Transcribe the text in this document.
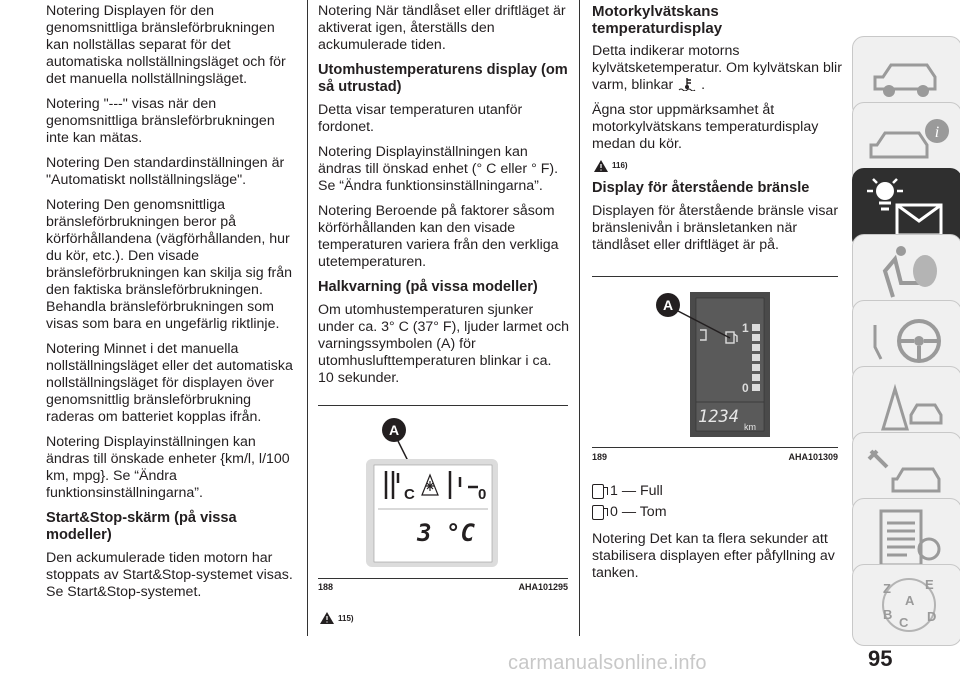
Notering Displayen för den genomsnittliga bränsleförbrukningen kan nollställas separat för det automatiska nollställningsläget och för det manuella nollställningsläget.

Notering "---" visas när den genomsnittliga bränsleförbrukningen inte kan mätas.

Notering Den standardinställningen är "Automatiskt nollställningsläge".

Notering Den genomsnittliga bränsleförbrukningen beror på körförhållandena (vägförhållanden, hur du kör, etc.). Den visade bränsleförbrukningen kan skilja sig från den faktiska bränsleförbrukningen. Behandla bränsleförbrukningen som visas som bara en ungefärlig riktlinje.

Notering Minnet i det manuella nollställningsläget eller det automatiska nollställningsläget för displayen över genomsnittlig bränsleförbrukning raderas om batteriet kopplas ifrån.

Notering Displayinställningen kan ändras till önskade enheter {km/l, l/100 km, mpg}. Se “Ändra funktionsinställningarna”.

Start&Stop-skärm (på vissa modeller)

Den ackumulerade tiden motorn har stoppats av Start&Stop-systemet visas. Se Start&Stop-systemet.

Notering När tändlåset eller driftläget är aktiverat igen, återställs den ackumulerade tiden.

Utomhustemperaturens display (om så utrustad)

Detta visar temperaturen utanför fordonet.

Notering Displayinställningen kan ändras till önskad enhet (° C eller ° F). Se “Ändra funktionsinställningarna”.

Notering Beroende på faktorer såsom körförhållanden kan den visade temperaturen variera från den verkliga utetemperaturen.

Halkvarning (på vissa modeller)

Om utomhustemperaturen sjunker under ca. 3° C (37° F), ljuder larmet och varningssymbolen (A) för utomhuslufttemperaturen blinkar i ca. 10 sekunder.

A
C	0
3 °C
188	AHA101295
115)
Motorkylvätskans temperaturdisplay

Detta indikerar motorns kylvätsketemperatur. Om kylvätskan blir varm, blinkar .

Ägna stor uppmärksamhet åt motorkylvätskans temperaturdisplay medan du kör.

116)
Display för återstående bränsle

Displayen för återstående bränsle visar bränslenivån i bränsletanken när tändlåset eller driftläget är på.

1
0
1234 km
A
189	AHA101309
1 — Full
0 — Tom

Notering Det kan ta flera sekunder att stabilisera displayen efter påfyllning av tanken.

i
Z	E
A
B
C D
carmanualsonline.info	95
